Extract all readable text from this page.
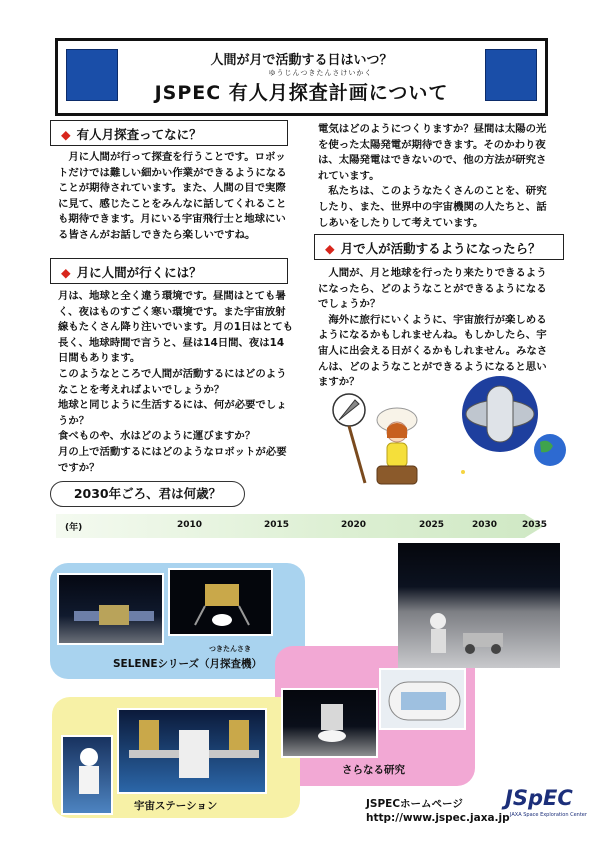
人間が月で活動する日はいつ？
ゆうじんつきたんさけいかく
JSPEC 有人月探査計画について
◆ 有人月探査ってなに？
　月に人間が行って探査を行うことです。ロボットだけでは難しい細かい作業ができるようになることが期待されています。また、人間の目で実際に見て、感じたことをみんなに話してくれることも期待できます。月にいる宇宙飛行士と地球にいる皆さんがお話しできたら楽しいですね。
◆ 月に人間が行くには？
月は、地球と全く違う環境です。昼間はとても暑く、夜はものすごく寒い環境です。また宇宙放射線もたくさん降り注いでいます。月の1日はとても長く、地球時間で言うと、昼は14日間、夜は14日間もあります。
このようなところで人間が活動するにはどのようなことを考えればよいでしょうか？
地球と同じように生活するには、何が必要でしょうか？
食べものや、水はどのように運びますか？
月の上で活動するにはどのようなロボットが必要ですか？
電気はどのようにつくりますか？昼間は太陽の光を使った太陽発電が期待できます。そのかわり夜は、太陽発電はできないので、他の方法が研究されています。
　私たちは、このようなたくさんのことを、研究したり、また、世界中の宇宙機関の人たちと、話しあいをしたりして考えています。
◆ 月で人が活動するようになったら？
　人間が、月と地球を行ったり来たりできるようになったら、どのようなことができるようになるでしょうか？
　海外に旅行にいくように、宇宙旅行が楽しめるようになるかもしれませんね。もしかしたら、宇宙人に出会える日がくるかもしれません。みなさんは、どのようなことができるようになると思いますか？
2030年ごろ、君は何歳？
(年)	2010	2015	2020	2025	2030	2035
つきたんさき
SELENEシリーズ（月探査機）
さらなる研究
宇宙ステーション	JSPECホームページ
http://www.jspec.jaxa.jp
JSpEC
JAXA Space Exploration Center
